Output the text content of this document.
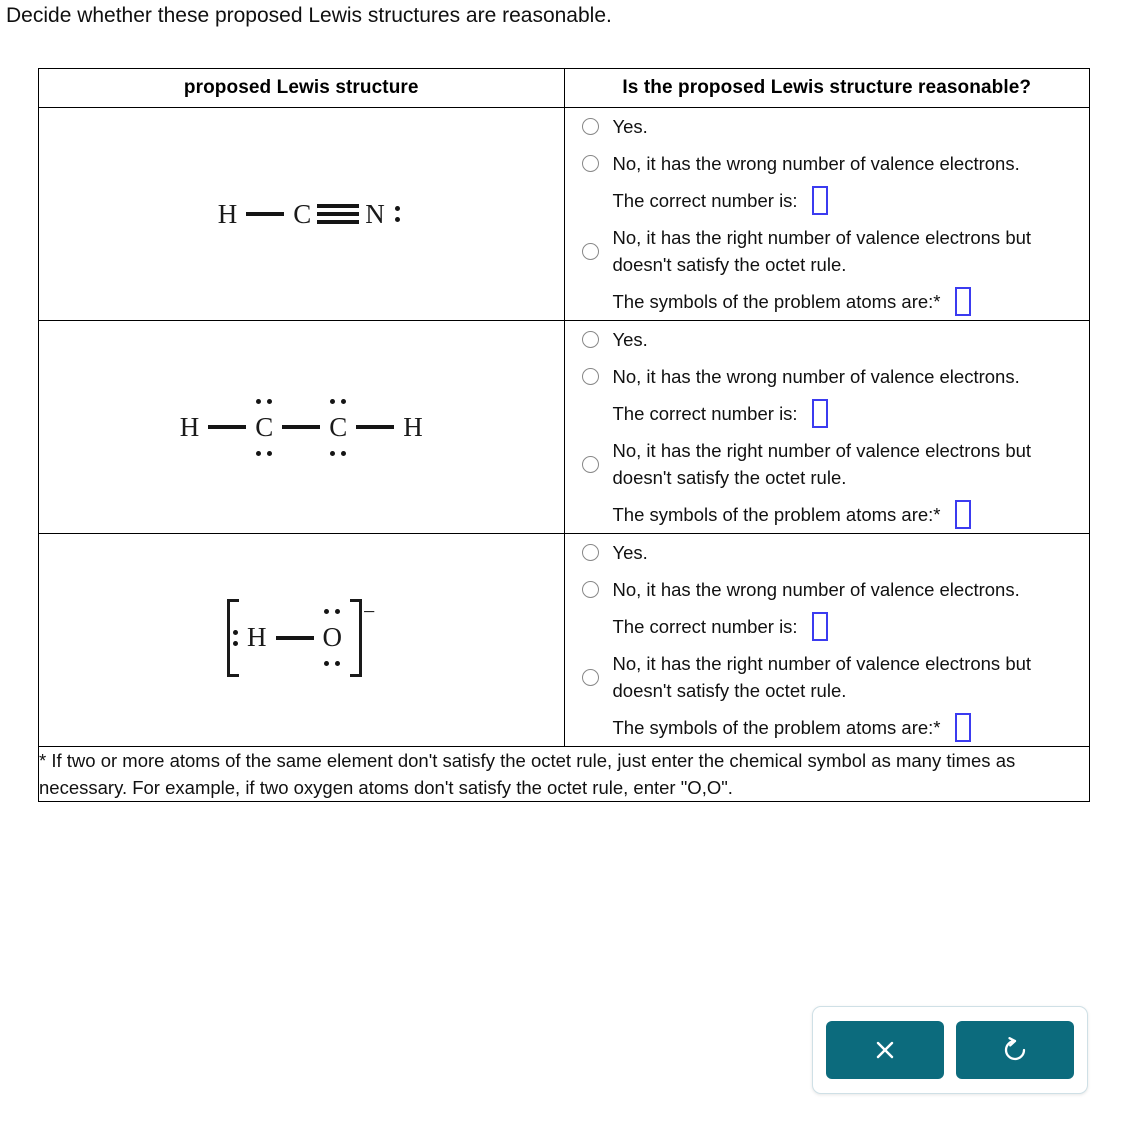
Decide whether these proposed Lewis structures are reasonable.
proposed Lewis structure	Is the proposed Lewis structure reasonable?

H C N

Yes.
No, it has the wrong number of valence electrons.
The correct number is:
No, it has the right number of valence electrons but doesn't satisfy the octet rule.
The symbols of the problem atoms are:*

H C C H

Yes.
No, it has the wrong number of valence electrons.
The correct number is:
No, it has the right number of valence electrons but doesn't satisfy the octet rule.
The symbols of the problem atoms are:*

H O
−

Yes.
No, it has the wrong number of valence electrons.
The correct number is:
No, it has the right number of valence electrons but doesn't satisfy the octet rule.
The symbols of the problem atoms are:*

* If two or more atoms of the same element don't satisfy the octet rule, just enter the chemical symbol as many times as necessary. For example, if two oxygen atoms don't satisfy the octet rule, enter "O,O".	
